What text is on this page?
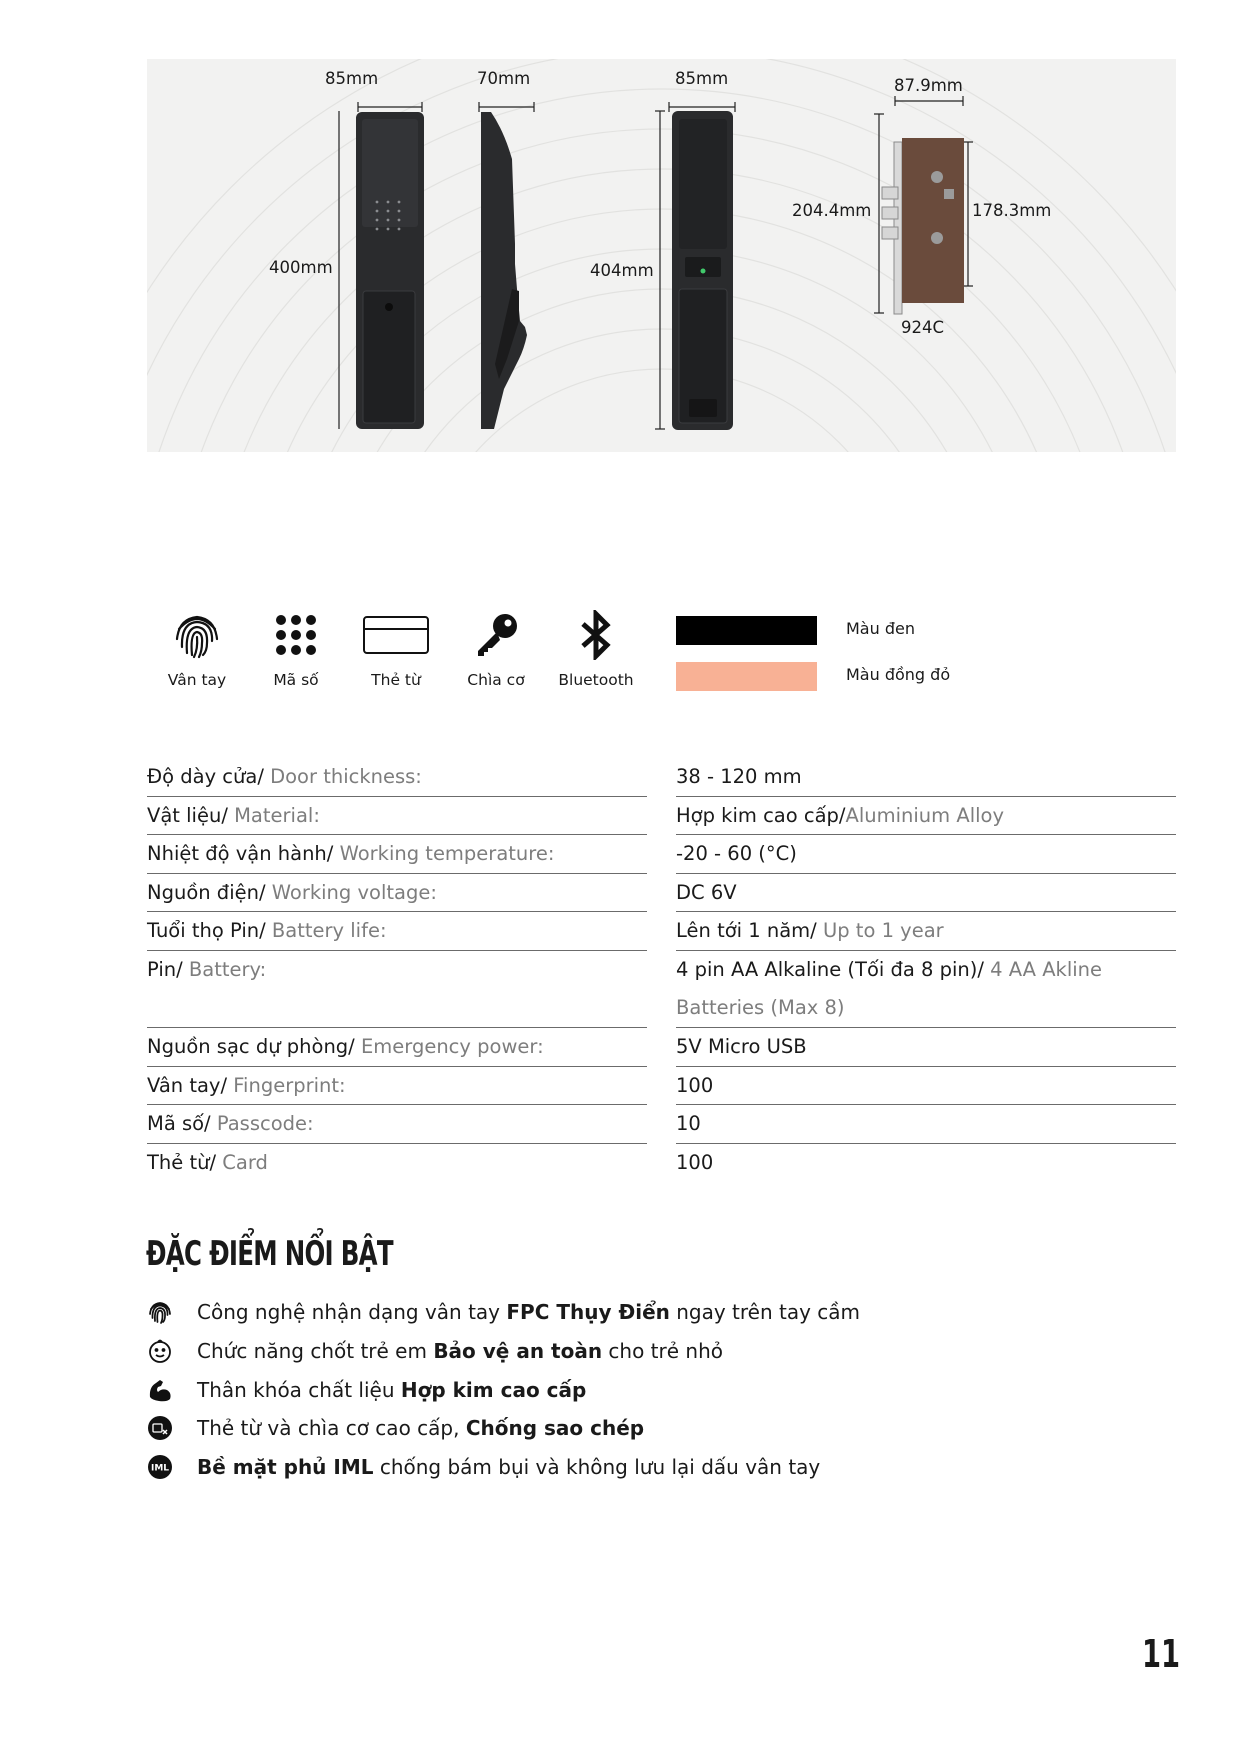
85mm	70mm	85mm	87.9mm
400mm	404mm
204.4mm	178.3mm
924C
Vân tay	Mã số	Thẻ từ	Chìa cơ	Bluetooth
Màu đen
Màu đồng đỏ
Độ dày cửa/ Door thickness:	38 - 120 mm
Vật liệu/ Material:	Hợp kim cao cấp/Aluminium Alloy
Nhiệt độ vận hành/ Working temperature:	-20 - 60 (°C)
Nguồn điện/ Working voltage:	DC 6V
Tuổi thọ Pin/ Battery life:	Lên tới 1 năm/ Up to 1 year
Pin/ Battery:	4 pin AA Alkaline (Tối đa 8 pin)/ 4 AA Akline
Batteries (Max 8)
Nguồn sạc dự phòng/ Emergency power:	5V Micro USB
Vân tay/ Fingerprint:	100
Mã số/ Passcode:	10
Thẻ từ/ Card	100
ĐẶC ĐIỂM NỔI BẬT
Công nghệ nhận dạng vân tay FPC Thụy Điển ngay trên tay cầm
Chức năng chốt trẻ em Bảo vệ an toàn cho trẻ nhỏ
Thân khóa chất liệu Hợp kim cao cấp
Thẻ từ và chìa cơ cao cấp, Chống sao chép
IML Bề mặt phủ IML chống bám bụi và không lưu lại dấu vân tay
11
